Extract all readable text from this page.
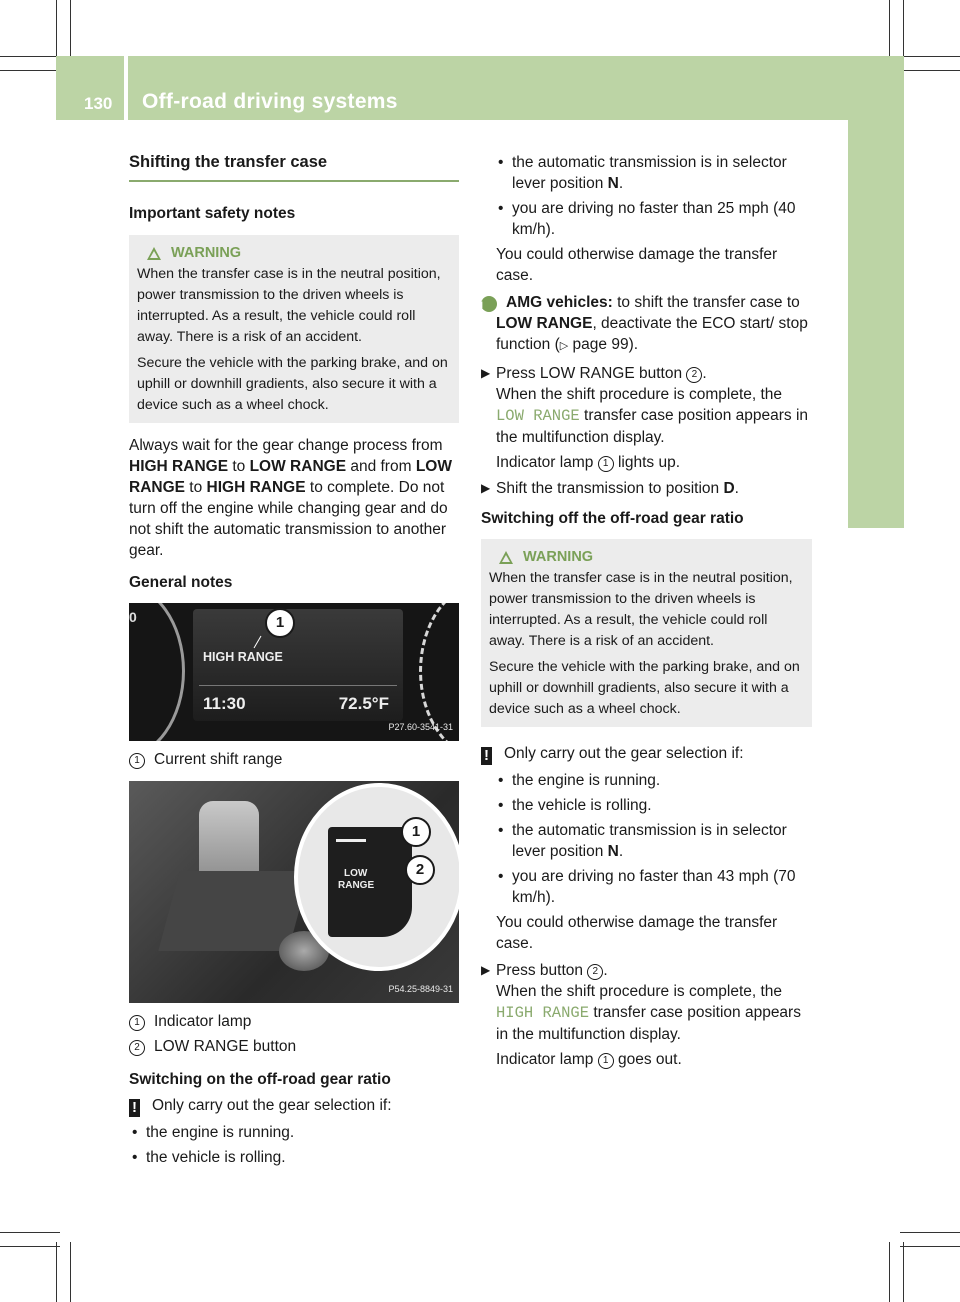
130 Off-road driving systems
Driving and parking
Shifting the transfer case
Important safety notes
WARNING

When the transfer case is in the neutral position, power transmission to the driven wheels is interrupted. As a result, the vehicle could roll away. There is a risk of an accident.

Secure the vehicle with the parking brake, and on uphill or downhill gradients, also secure it with a device such as a wheel chock.

Always wait for the gear change process from HIGH RANGE to LOW RANGE and from LOW RANGE to HIGH RANGE to complete. Do not turn off the engine while changing gear and do not shift the automatic transmission to another gear.

General notes
0
HIGH RANGE
11:30	72.5°F
1
P27.60-3541-31
1 Current shift range
LOW
RANGE
1
2
P54.25-8849-31
1 Indicator lamp
2 LOW RANGE button
Switching on the off-road gear ratio

! Only carry out the gear selection if:

• the engine is running.
• the vehicle is rolling.
• the automatic transmission is in selector lever position N.
• you are driving no faster than 25 mph (40 km/h).

You could otherwise damage the transfer case.

i AMG vehicles: to shift the transfer case to LOW RANGE, deactivate the ECO start/ stop function (▷ page 99).

▶ Press LOW RANGE button 2 .

When the shift procedure is complete, the LOW RANGE transfer case position appears in the multifunction display.

Indicator lamp 1 lights up.

▶ Shift the transmission to position D.
Switching off the off-road gear ratio
WARNING

When the transfer case is in the neutral position, power transmission to the driven wheels is interrupted. As a result, the vehicle could roll away. There is a risk of an accident.

Secure the vehicle with the parking brake, and on uphill or downhill gradients, also secure it with a device such as a wheel chock.

! Only carry out the gear selection if:

• the engine is running.
• the vehicle is rolling.
• the automatic transmission is in selector lever position N.
• you are driving no faster than 43 mph (70 km/h).

You could otherwise damage the transfer case.

▶ Press button 2 .

When the shift procedure is complete, the HIGH RANGE transfer case position appears in the multifunction display.

Indicator lamp 1 goes out.
